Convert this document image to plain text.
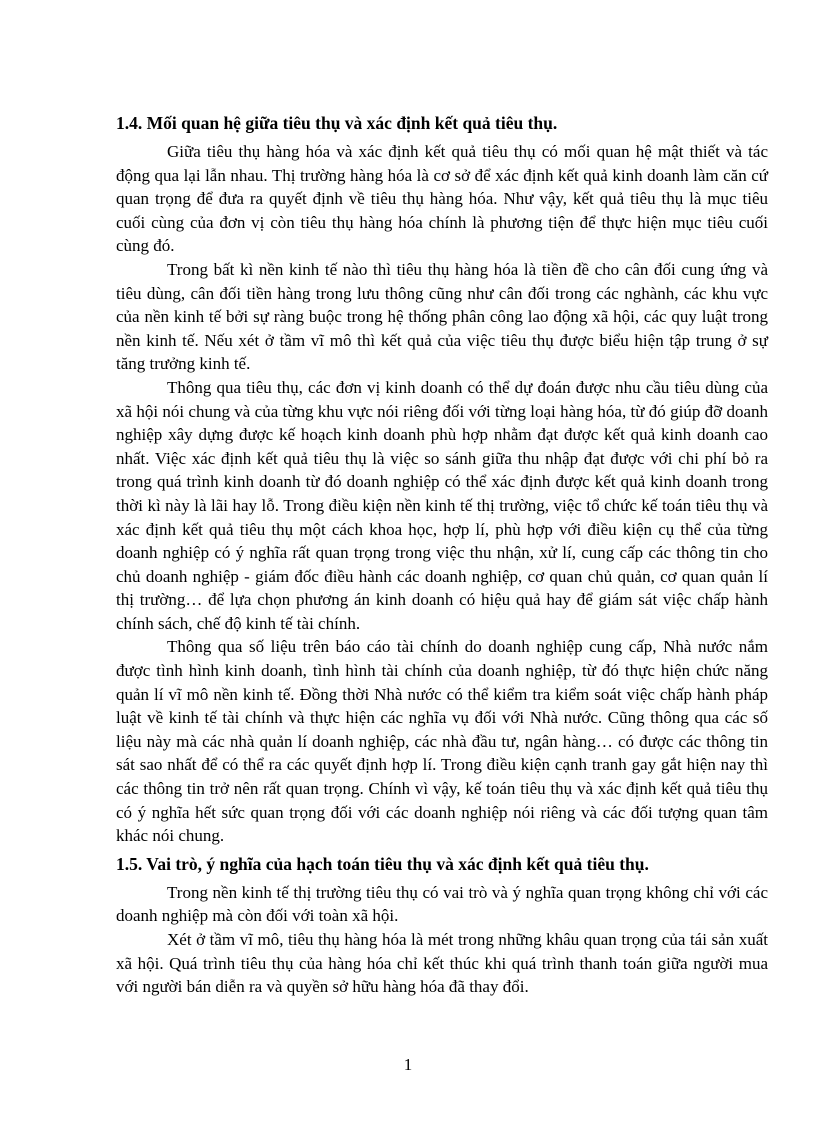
1.4. Mối quan hệ giữa tiêu thụ và xác định kết quả tiêu thụ.

Giữa tiêu thụ hàng hóa và xác định kết quả tiêu thụ có mối quan hệ mật thiết và tác động qua lại lẫn nhau. Thị trường hàng hóa là cơ sở để xác định kết quả kinh doanh làm căn cứ quan trọng để đưa ra quyết định về tiêu thụ hàng hóa. Như vậy, kết quả tiêu thụ là mục tiêu cuối cùng của đơn vị còn tiêu thụ hàng hóa chính là phương tiện để thực hiện mục tiêu cuối cùng đó.

Trong bất kì nền kinh tế nào thì tiêu thụ hàng hóa là tiền đề cho cân đối cung ứng và tiêu dùng, cân đối tiền hàng trong lưu thông cũng như cân đối trong các nghành, các khu vực của nền kinh tế bởi sự ràng buộc trong hệ thống phân công lao động xã hội, các quy luật trong nền kinh tế. Nếu xét ở tầm vĩ mô thì kết quả của việc tiêu thụ được biểu hiện tập trung ở sự tăng trưởng kinh tế.

Thông qua tiêu thụ, các đơn vị kinh doanh có thể dự đoán được nhu cầu tiêu dùng của xã hội nói chung và của từng khu vực nói riêng đối với từng loại hàng hóa, từ đó giúp đỡ doanh nghiệp xây dựng được kế hoạch kinh doanh phù hợp nhằm đạt được kết quả kinh doanh cao nhất. Việc xác định kết quả tiêu thụ là việc so sánh giữa thu nhập đạt được với chi phí bỏ ra trong quá trình kinh doanh từ đó doanh nghiệp có thể xác định được kết quả kinh doanh trong thời kì này là lãi hay lỗ. Trong điều kiện nền kinh tế thị trường, việc tổ chức kế toán tiêu thụ và xác định kết quả tiêu thụ một cách khoa học, hợp lí, phù hợp với điều kiện cụ thể của từng doanh nghiệp có ý nghĩa rất quan trọng trong việc thu nhận, xử lí, cung cấp các thông tin cho chủ doanh nghiệp - giám đốc điều hành các doanh nghiệp, cơ quan chủ quản, cơ quan quản lí thị trường… để lựa chọn phương án kinh doanh có hiệu quả hay để giám sát việc chấp hành chính sách, chế độ kinh tế tài chính.

Thông qua số liệu trên báo cáo tài chính do doanh nghiệp cung cấp, Nhà nước nắm được tình hình kinh doanh, tình hình tài chính của doanh nghiệp, từ đó thực hiện chức năng quản lí vĩ mô nền kinh tế. Đồng thời Nhà nước có thể kiểm tra kiểm soát việc chấp hành pháp luật về kinh tế tài chính và thực hiện các nghĩa vụ đối với Nhà nước. Cũng thông qua các số liệu này mà các nhà quản lí doanh nghiệp, các nhà đầu tư, ngân hàng… có được các thông tin sát sao nhất để có thể ra các quyết định hợp lí. Trong điều kiện cạnh tranh gay gắt hiện nay thì các thông tin trở nên rất quan trọng. Chính vì vậy, kế toán tiêu thụ và xác định kết quả tiêu thụ có ý nghĩa hết sức quan trọng đối với các doanh nghiệp nói riêng và các đối tượng quan tâm khác nói chung.

1.5. Vai trò, ý nghĩa của hạch toán tiêu thụ và xác định kết quả tiêu thụ.

Trong nền kinh tế thị trường tiêu thụ có vai trò và ý nghĩa quan trọng không chỉ với các doanh nghiệp mà còn đối với toàn xã hội.

Xét ở tầm vĩ mô, tiêu thụ hàng hóa là mét trong những khâu quan trọng của tái sản xuất xã hội. Quá trình tiêu thụ của hàng hóa chỉ kết thúc khi quá trình thanh toán giữa người mua với người bán diễn ra và quyền sở hữu hàng hóa đã thay đổi.

1
